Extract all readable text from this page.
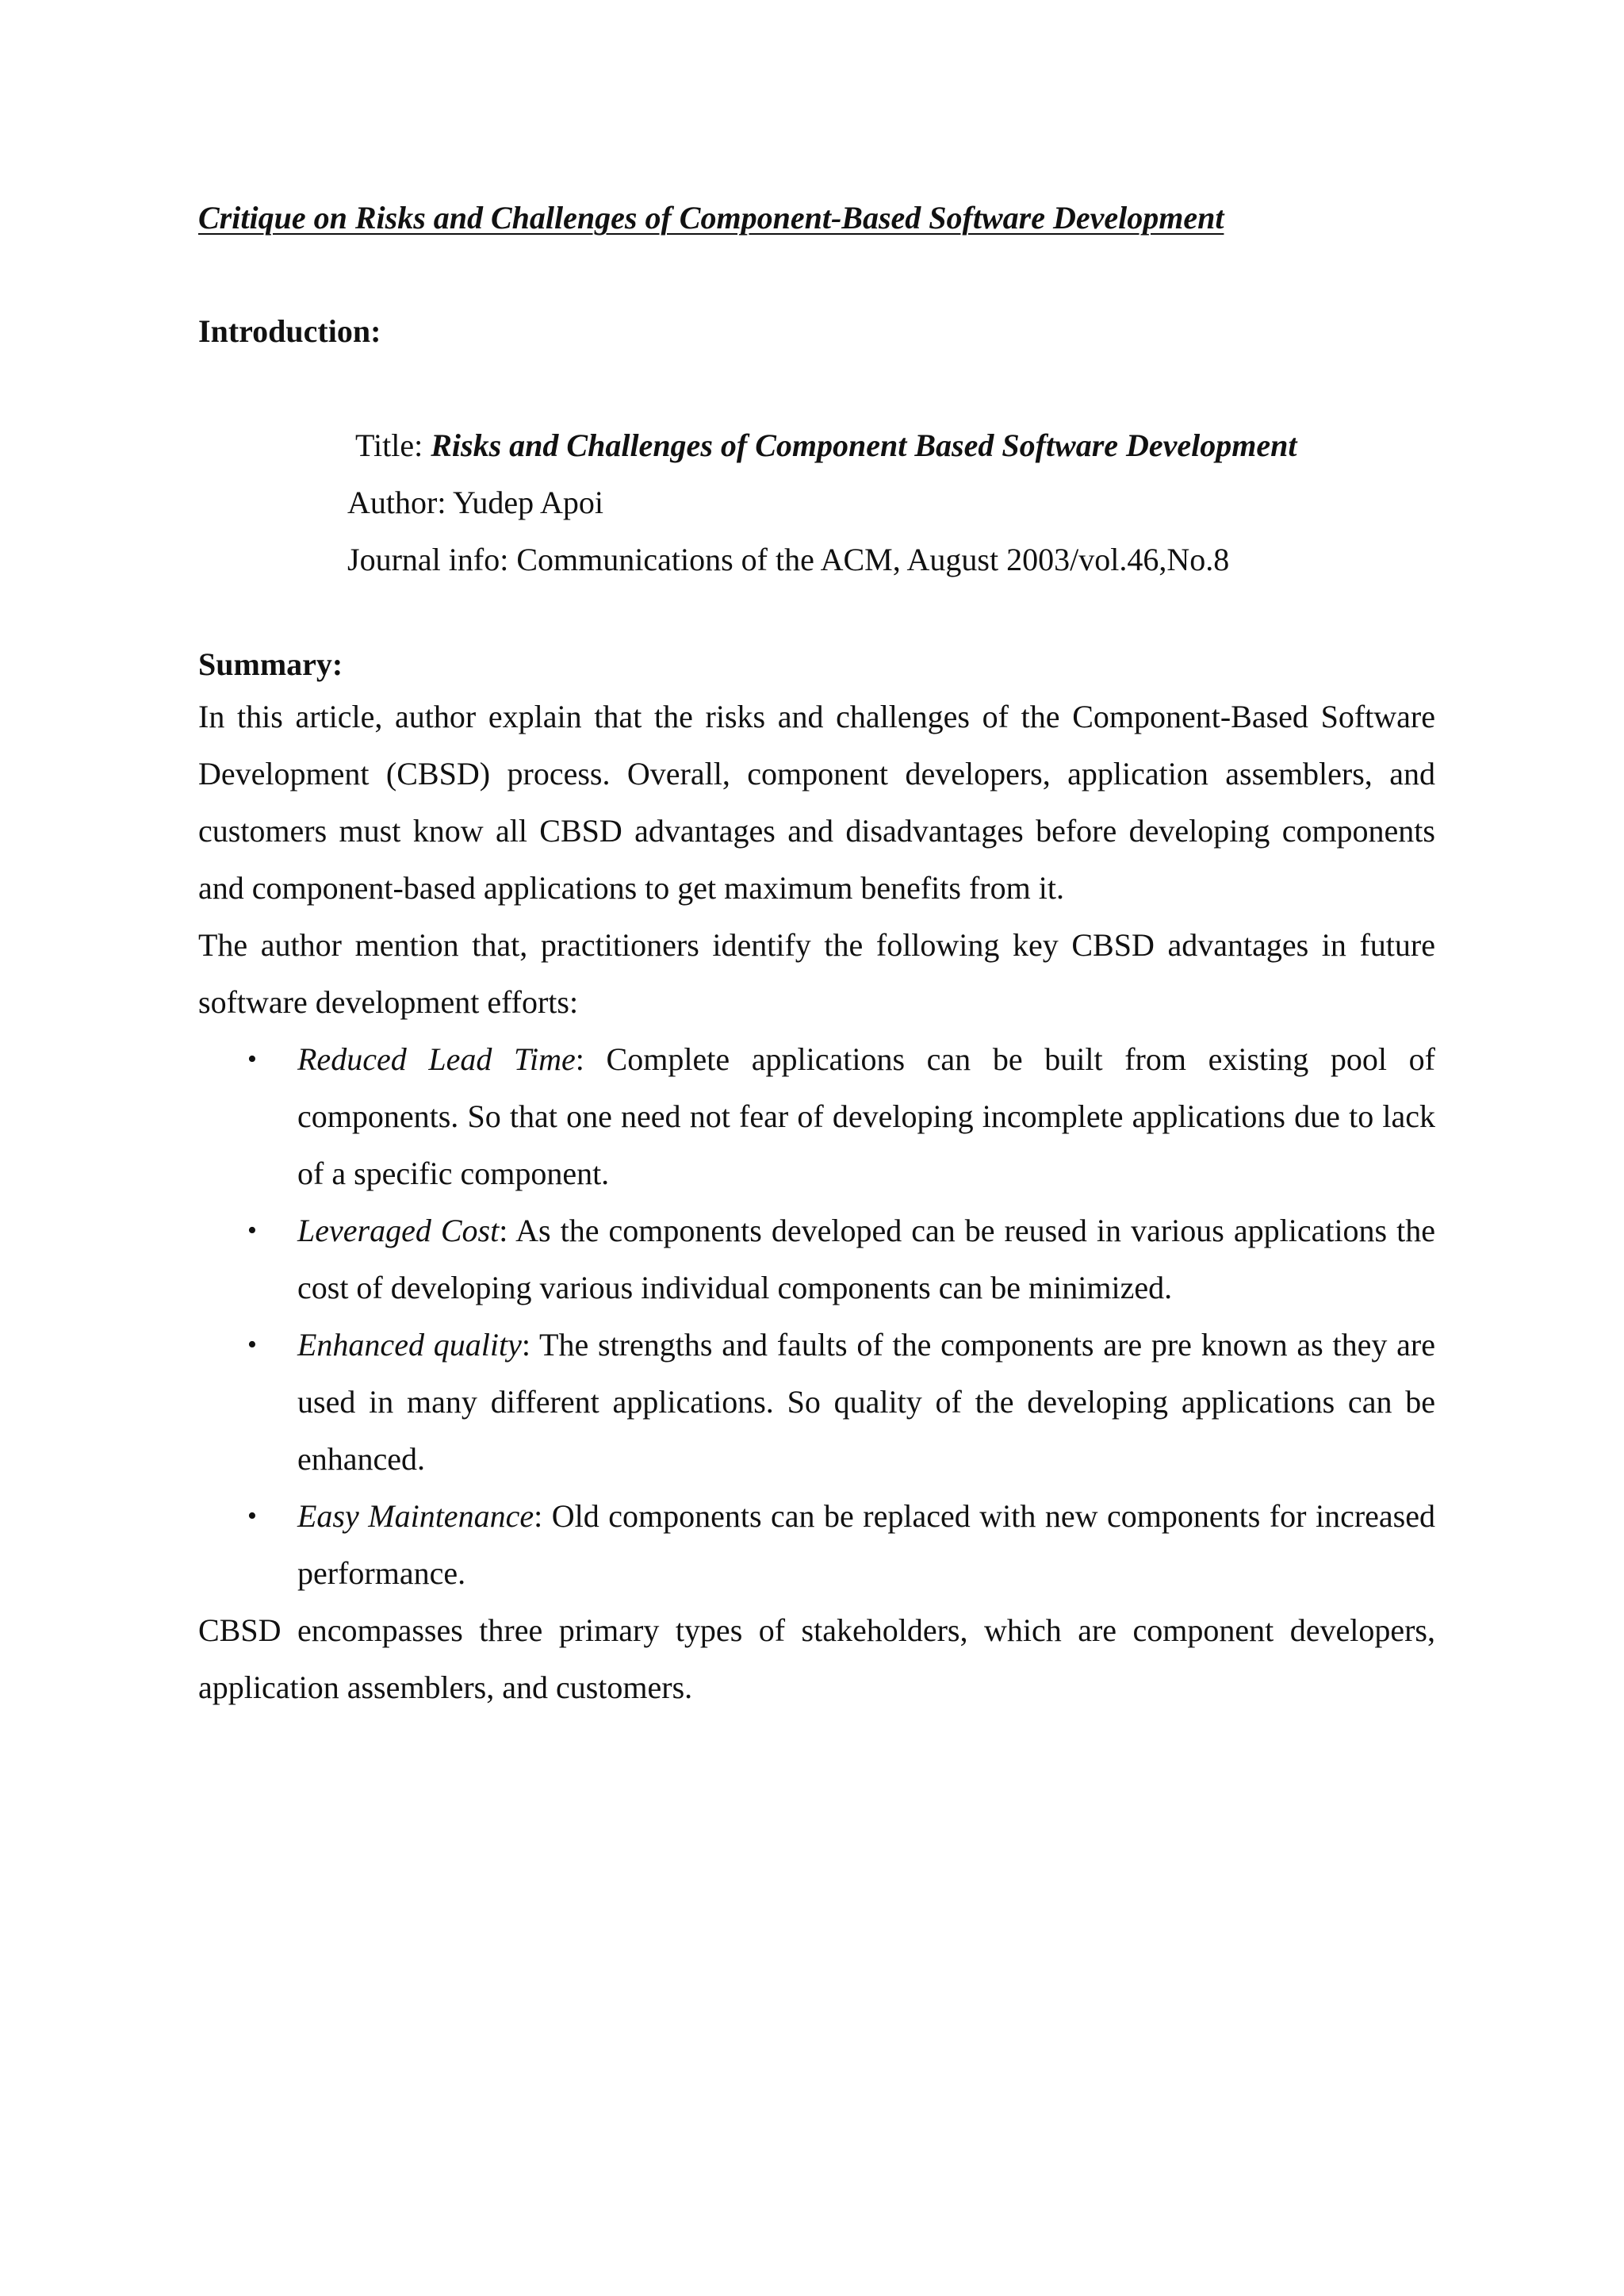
Critique on Risks and Challenges of Component-Based Software Development
Introduction:
Title: Risks and Challenges of Component Based Software Development
Author: Yudep Apoi
Journal info: Communications of the ACM, August 2003/vol.46,No.8
Summary:

In this article, author explain that the risks and challenges of the Component-Based Software Development (CBSD) process. Overall, component developers, application assemblers, and customers must know all CBSD advantages and disadvantages before developing components and component-based applications to get maximum benefits from it.

The author mention that, practitioners identify the following key CBSD advantages in future software development efforts:

• Reduced Lead Time: Complete applications can be built from existing pool of components. So that one need not fear of developing incomplete applications due to lack of a specific component.
• Leveraged Cost: As the components developed can be reused in various applications the cost of developing various individual components can be minimized.
• Enhanced quality: The strengths and faults of the components are pre known as they are used in many different applications. So quality of the developing applications can be enhanced.
• Easy Maintenance: Old components can be replaced with new components for increased performance.

CBSD encompasses three primary types of stakeholders, which are component developers, application assemblers, and customers.
